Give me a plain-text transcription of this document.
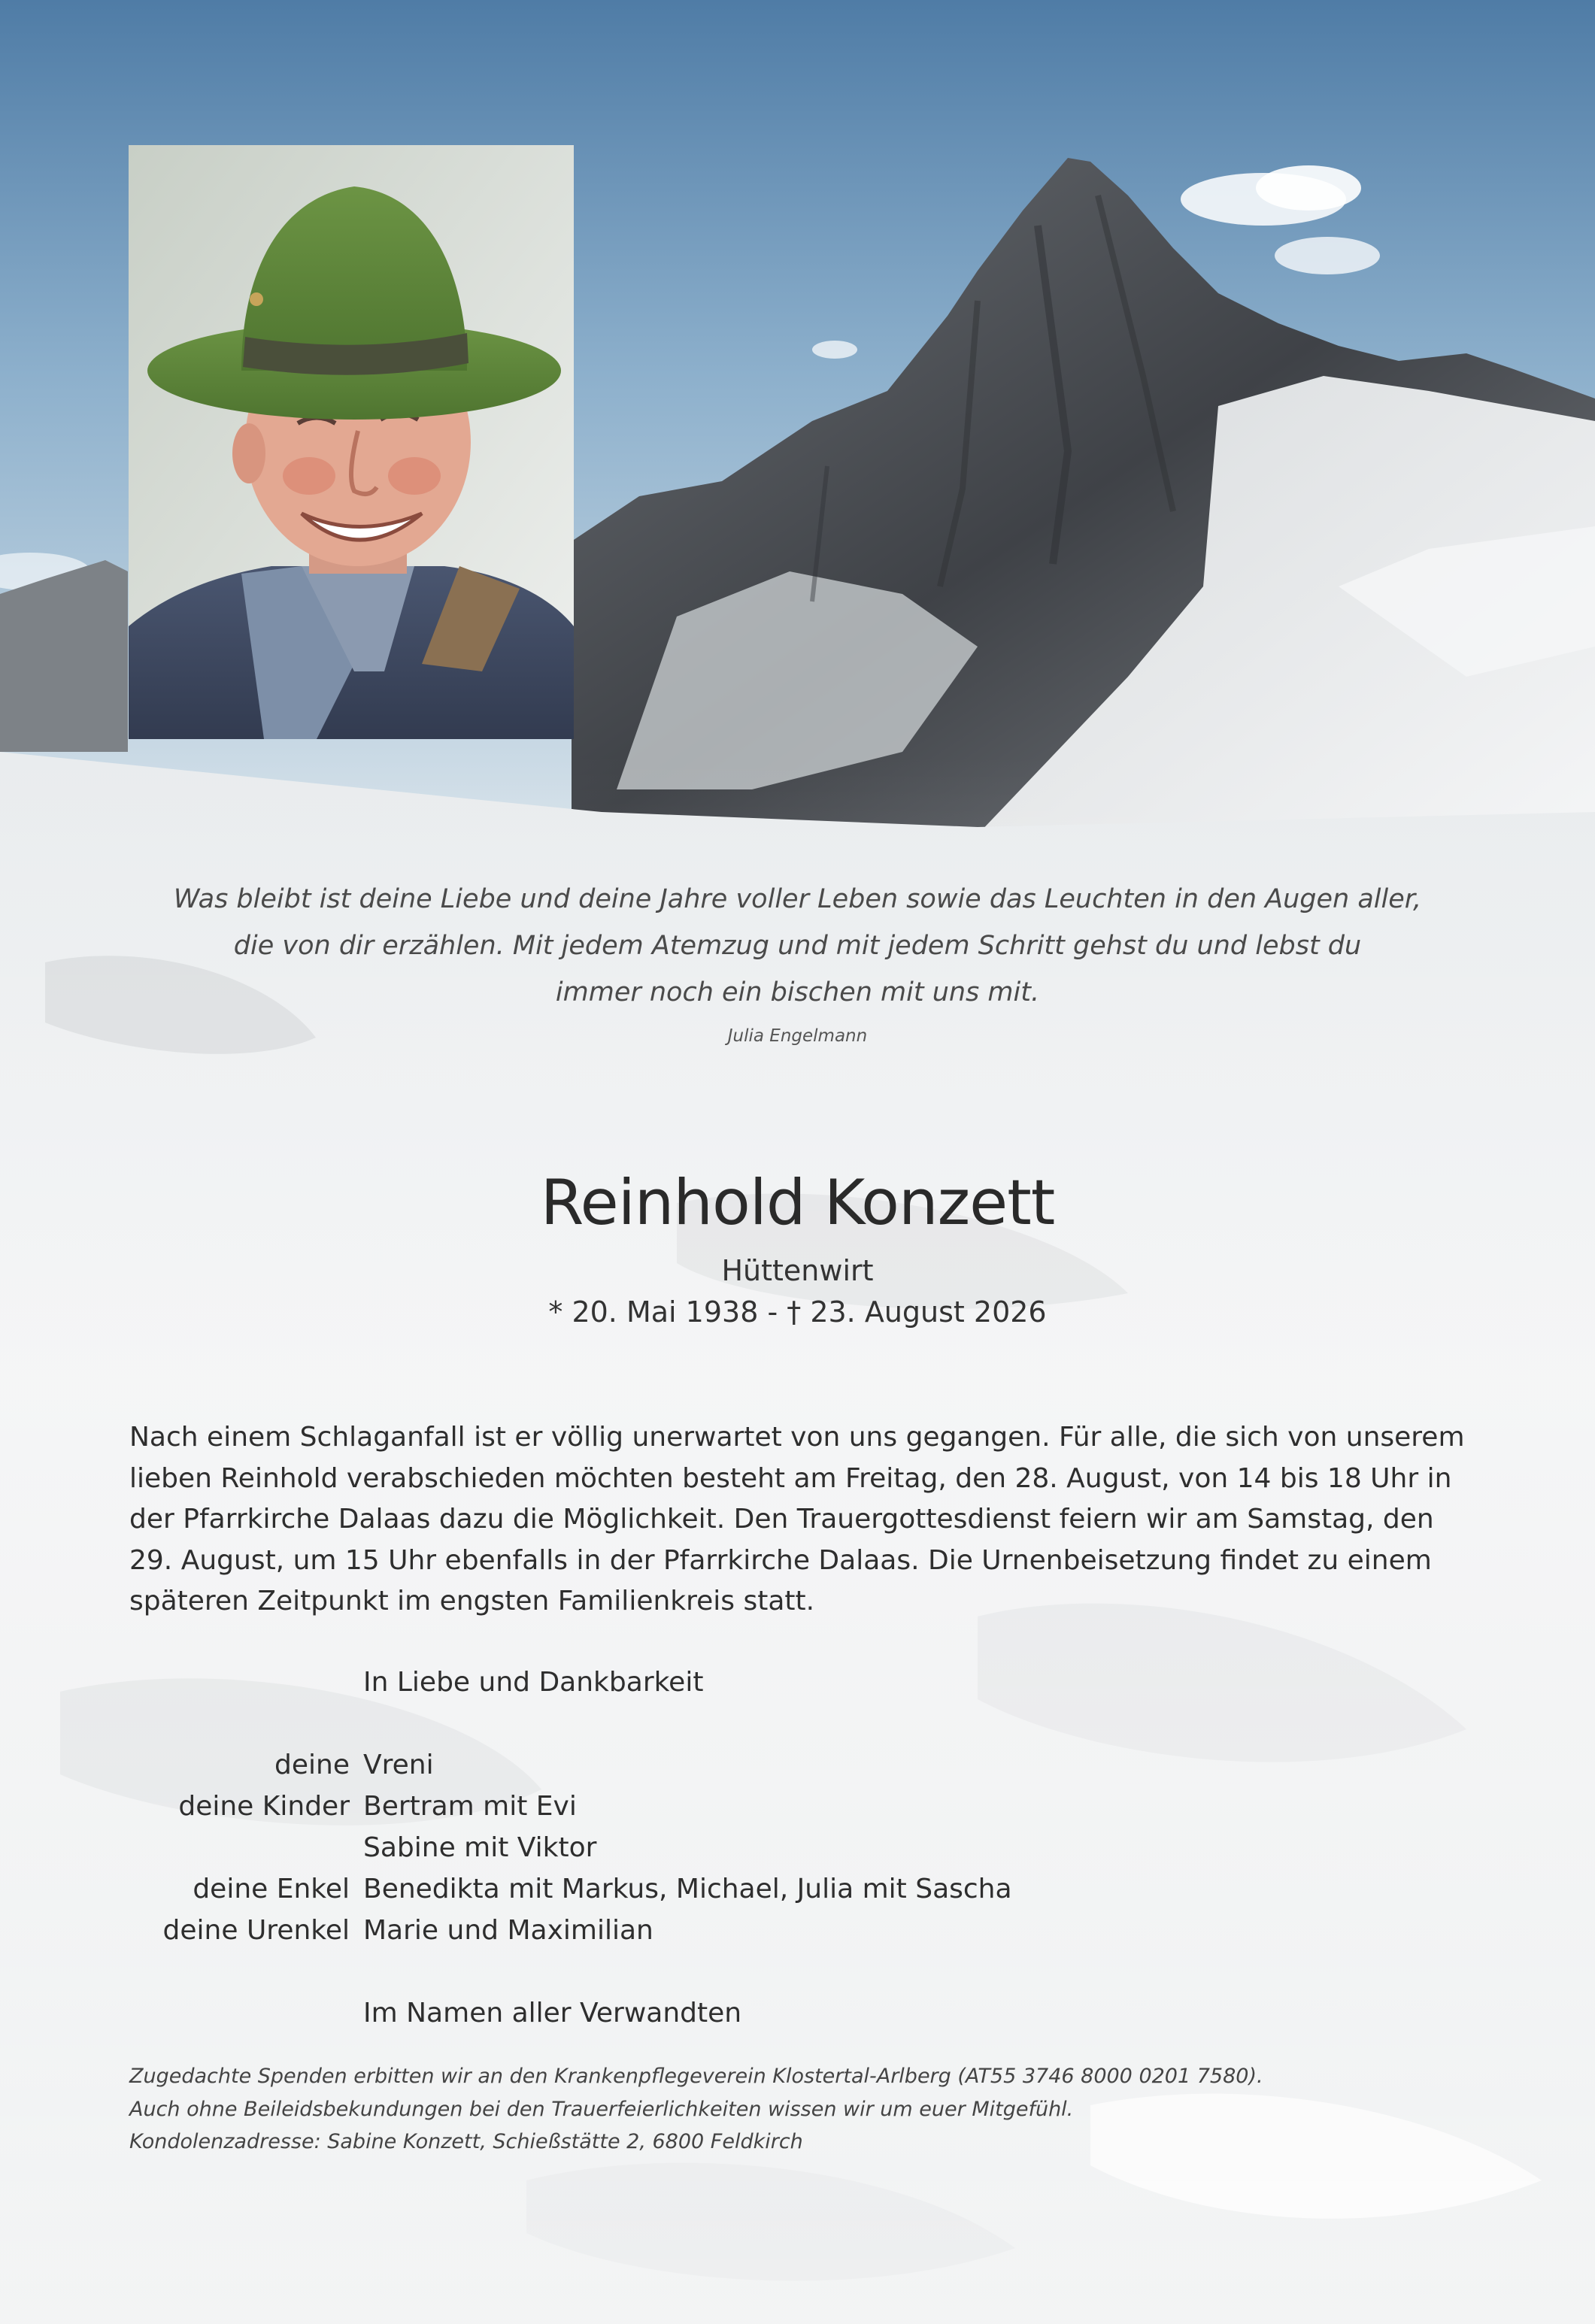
Was bleibt ist deine Liebe und deine Jahre voller Leben sowie das Leuchten in den Augen aller,
die von dir erzählen. Mit jedem Atemzug und mit jedem Schritt gehst du und lebst du
immer noch ein bischen mit uns mit.
Julia Engelmann
Reinhold Konzett
Hüttenwirt
* 20. Mai 1938 - † 23. August 2026
Nach einem Schlaganfall ist er völlig unerwartet von uns gegangen. Für alle, die sich von unserem
lieben Reinhold verabschieden möchten besteht am Freitag, den 28. August, von 14 bis 18 Uhr in
der Pfarrkirche Dalaas dazu die Möglichkeit. Den Trauergottesdienst feiern wir am Samstag, den
29. August, um 15 Uhr ebenfalls in der Pfarrkirche Dalaas. Die Urnenbeisetzung findet zu einem
späteren Zeitpunkt im engsten Familienkreis statt.
In Liebe und Dankbarkeit
deine Vreni
deine Kinder Bertram mit Evi
Sabine mit Viktor
deine Enkel Benedikta mit Markus, Michael, Julia mit Sascha
deine Urenkel Marie und Maximilian
Im Namen aller Verwandten
Zugedachte Spenden erbitten wir an den Krankenpflegeverein Klostertal-Arlberg (AT55 3746 8000 0201 7580).
Auch ohne Beileidsbekundungen bei den Trauerfeierlichkeiten wissen wir um euer Mitgefühl.
Kondolenzadresse: Sabine Konzett, Schießstätte 2, 6800 Feldkirch
